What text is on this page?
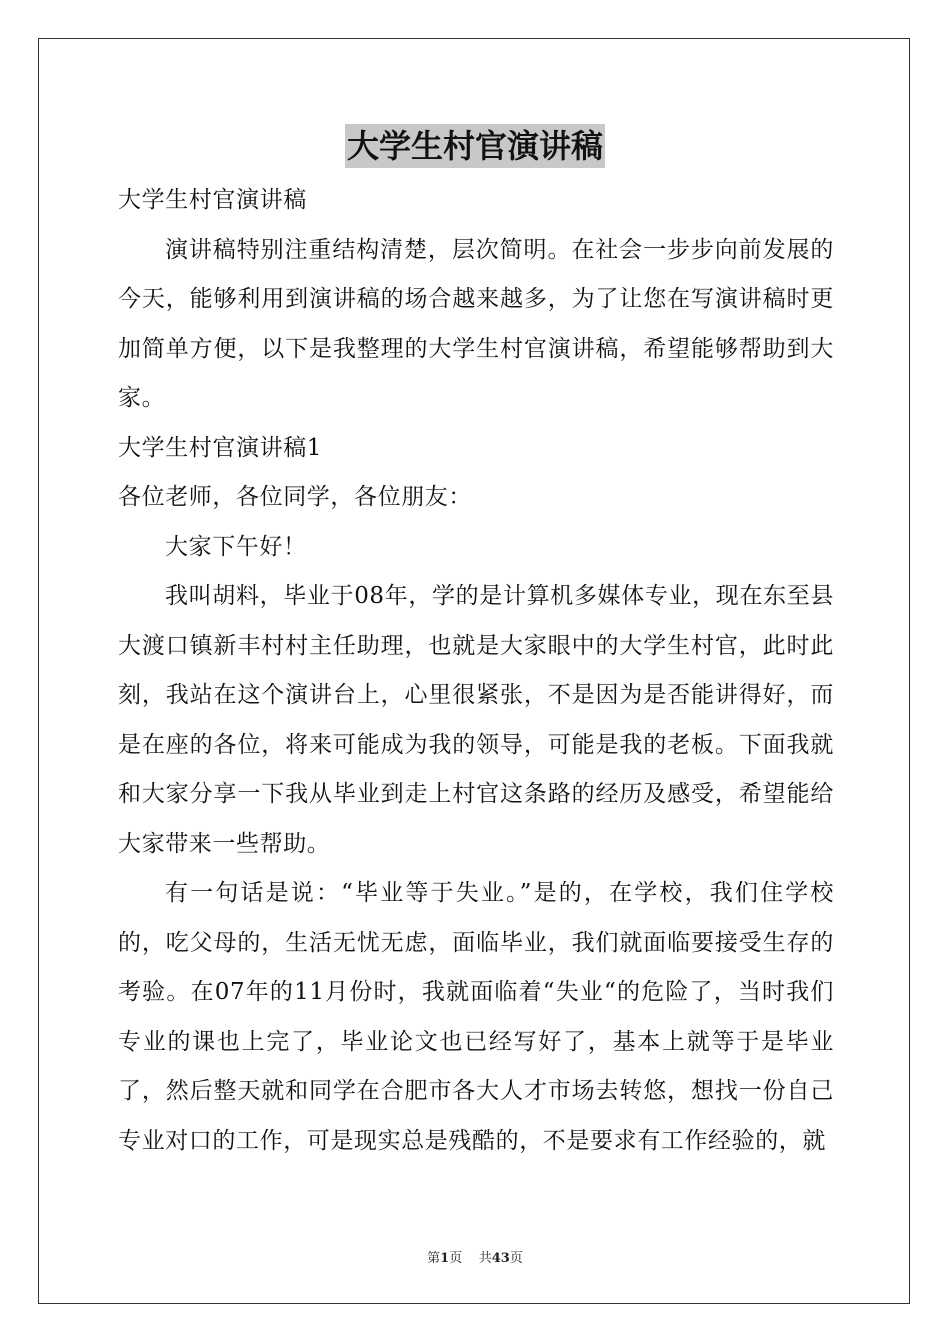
大学生村官演讲稿

大学生村官演讲稿

演讲稿特别注重结构清楚，层次简明。在社会一步步向前发展的今天，能够利用到演讲稿的场合越来越多，为了让您在写演讲稿时更加简单方便，以下是我整理的大学生村官演讲稿，希望能够帮助到大家。

大学生村官演讲稿1

各位老师，各位同学，各位朋友：

大家下午好！

我叫胡料，毕业于08年，学的是计算机多媒体专业，现在东至县大渡口镇新丰村村主任助理，也就是大家眼中的大学生村官，此时此刻，我站在这个演讲台上，心里很紧张，不是因为是否能讲得好，而是在座的各位，将来可能成为我的领导，可能是我的老板。下面我就和大家分享一下我从毕业到走上村官这条路的经历及感受，希望能给大家带来一些帮助。

有一句话是说：“毕业等于失业。”是的，在学校，我们住学校的，吃父母的，生活无忧无虑，面临毕业，我们就面临要接受生存的考验。在07年的11月份时，我就面临着“失业“的危险了，当时我们专业的课也上完了，毕业论文也已经写好了，基本上就等于是毕业了，然后整天就和同学在合肥市各大人才市场去转悠，想找一份自己专业对口的工作，可是现实总是残酷的，不是要求有工作经验的，就

第1页 共43页
